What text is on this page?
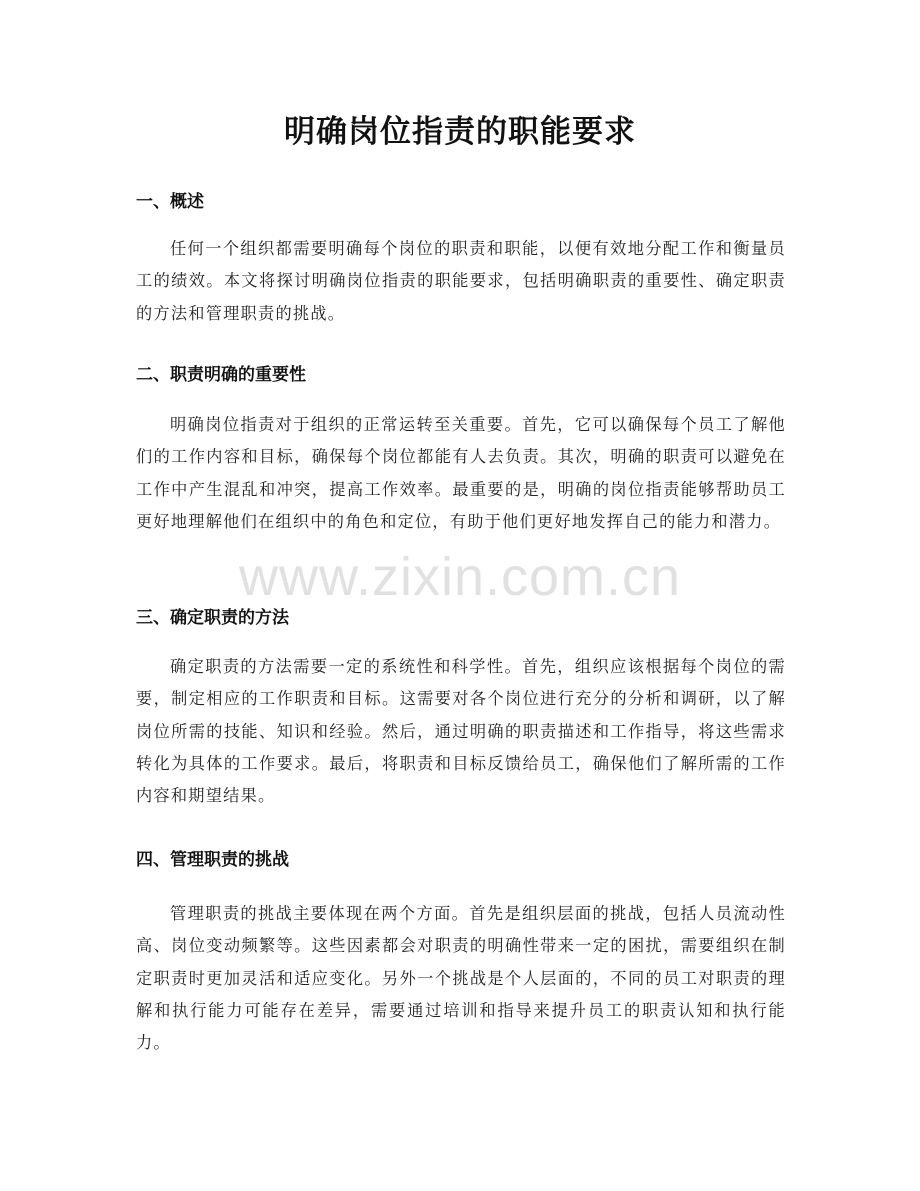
明确岗位指责的职能要求
一、概述
任何一个组织都需要明确每个岗位的职责和职能，以便有效地分配工作和衡量员工的绩效。本文将探讨明确岗位指责的职能要求，包括明确职责的重要性、确定职责的方法和管理职责的挑战。
二、职责明确的重要性
明确岗位指责对于组织的正常运转至关重要。首先，它可以确保每个员工了解他们的工作内容和目标，确保每个岗位都能有人去负责。其次，明确的职责可以避免在工作中产生混乱和冲突，提高工作效率。最重要的是，明确的岗位指责能够帮助员工更好地理解他们在组织中的角色和定位，有助于他们更好地发挥自己的能力和潜力。
三、确定职责的方法
确定职责的方法需要一定的系统性和科学性。首先，组织应该根据每个岗位的需要，制定相应的工作职责和目标。这需要对各个岗位进行充分的分析和调研，以了解岗位所需的技能、知识和经验。然后，通过明确的职责描述和工作指导，将这些需求转化为具体的工作要求。最后，将职责和目标反馈给员工，确保他们了解所需的工作内容和期望结果。
四、管理职责的挑战
管理职责的挑战主要体现在两个方面。首先是组织层面的挑战，包括人员流动性高、岗位变动频繁等。这些因素都会对职责的明确性带来一定的困扰，需要组织在制定职责时更加灵活和适应变化。另外一个挑战是个人层面的，不同的员工对职责的理解和执行能力可能存在差异，需要通过培训和指导来提升员工的职责认知和执行能力。
www.zixin.com.cn
